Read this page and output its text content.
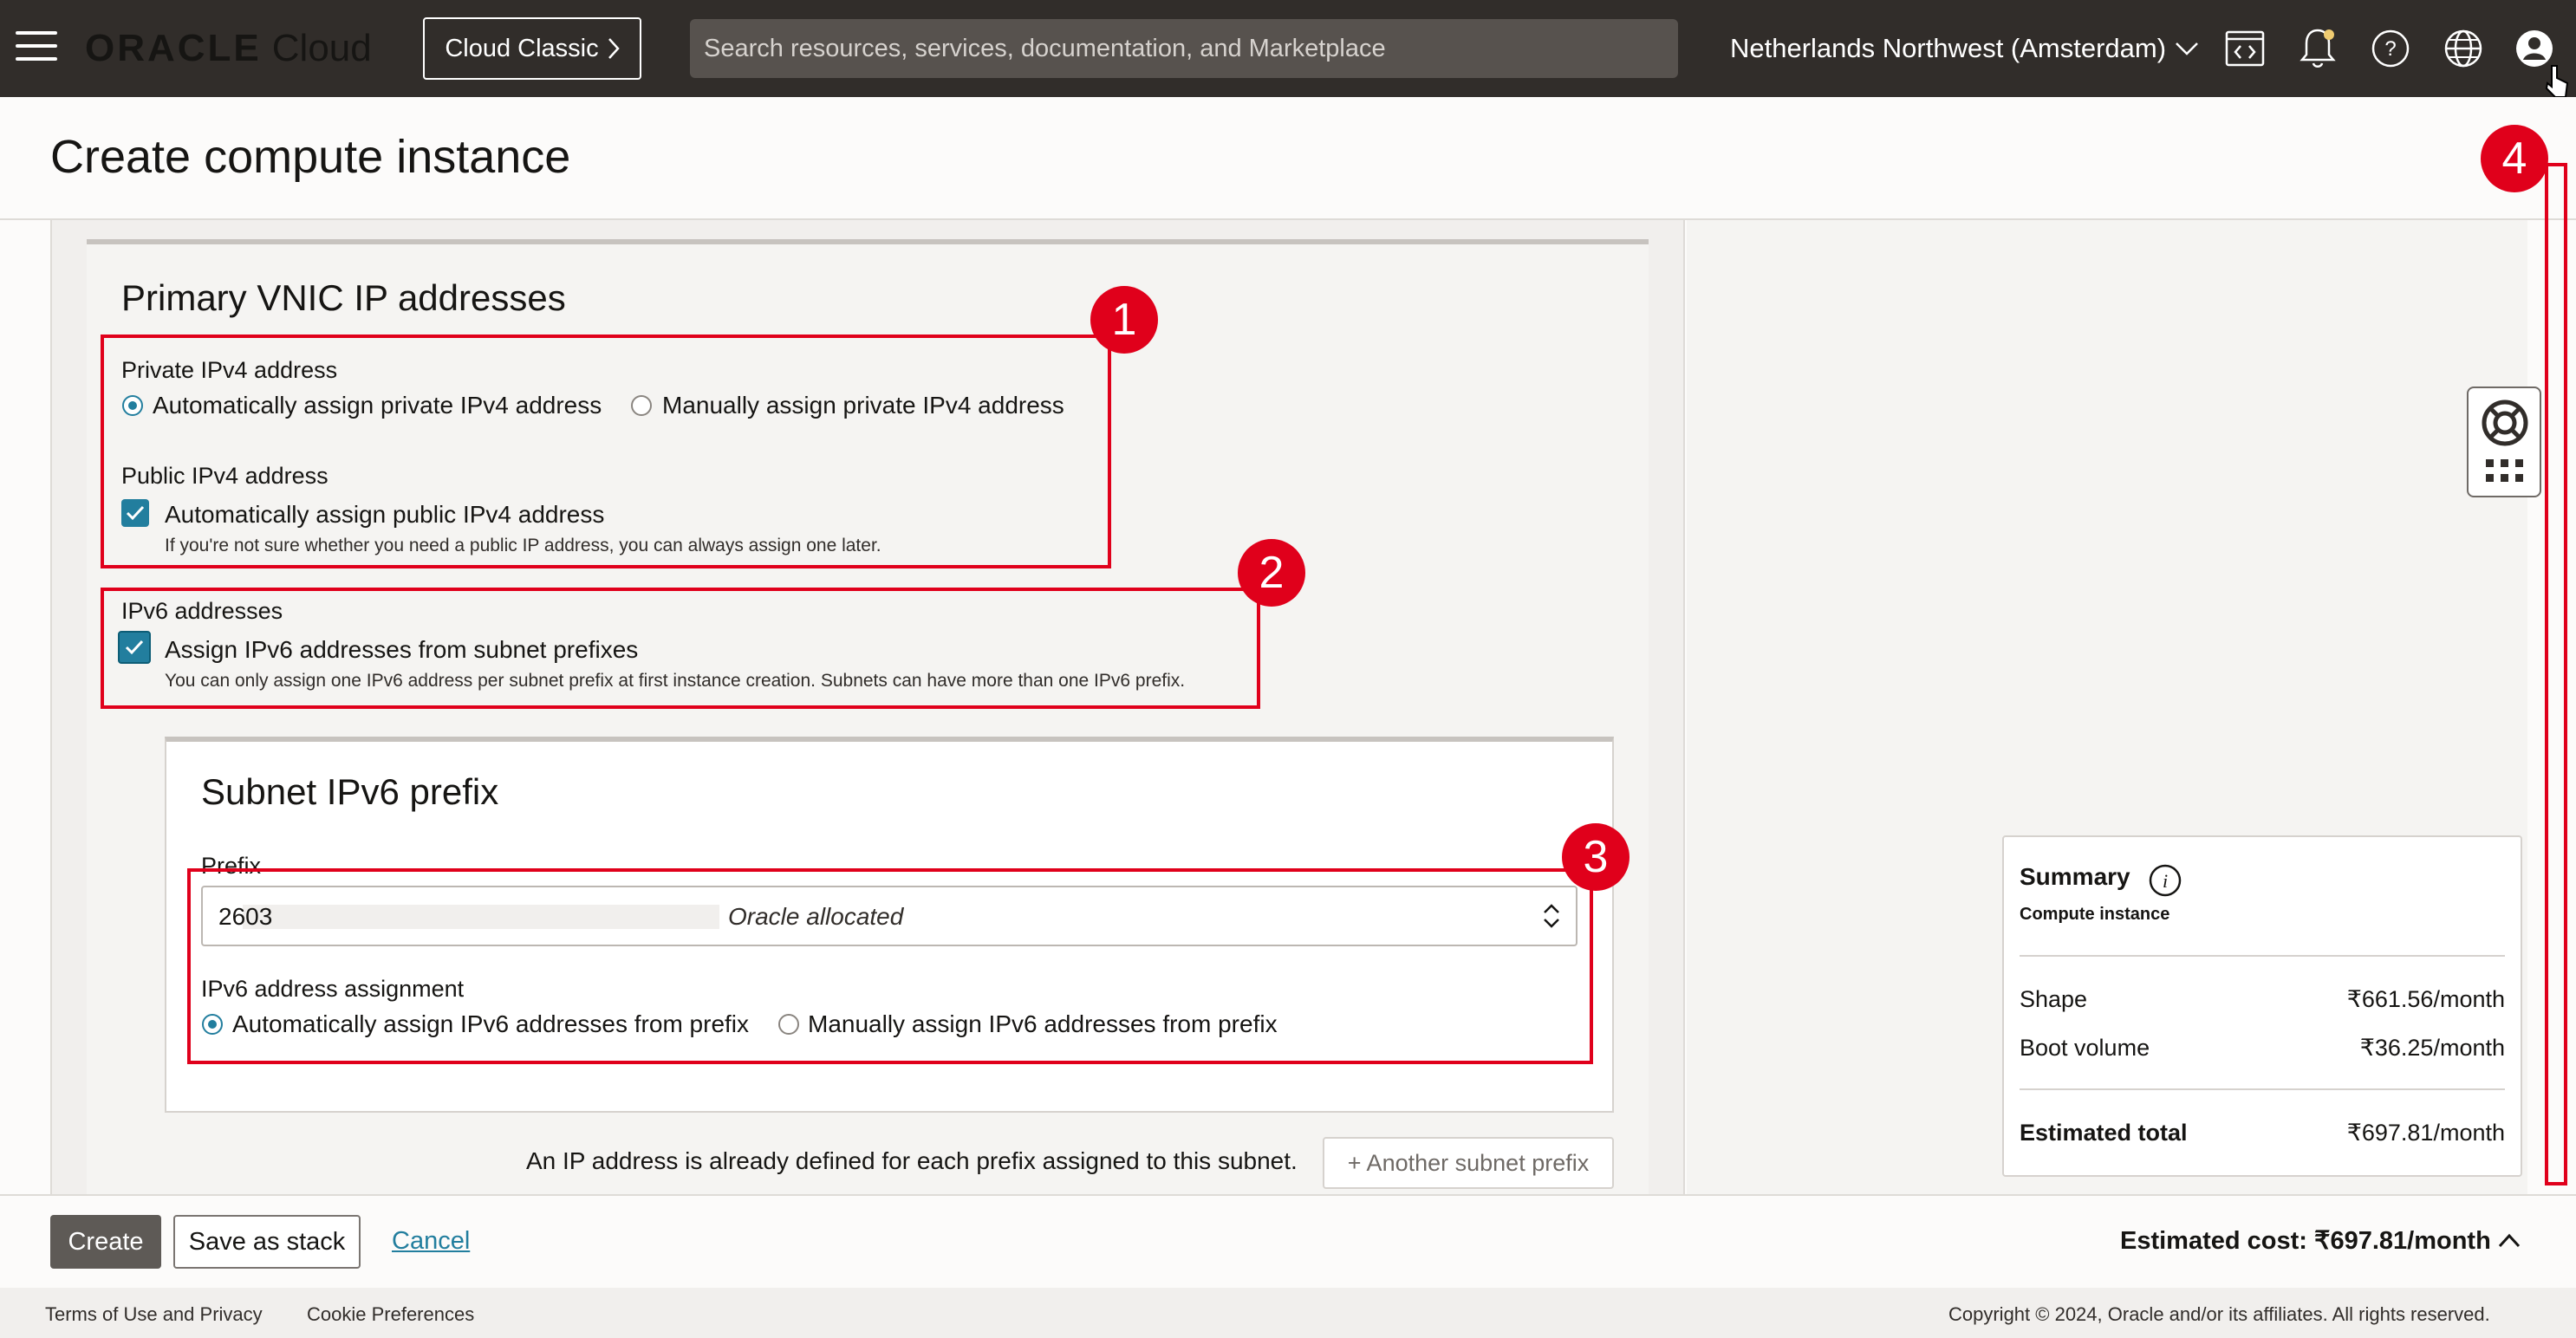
ORACLE Cloud	Cloud Classic	Search resources, services, documentation, and Marketplace	Netherlands Northwest (Amsterdam)	?
Create compute instance
Primary VNIC IP addresses
Private IPv4 address
Automatically assign private IPv4 address Manually assign private IPv4 address
Public IPv4 address
Automatically assign public IPv4 address
If you're not sure whether you need a public IP address, you can always assign one later.
IPv6 addresses
Assign IPv6 addresses from subnet prefixes
You can only assign one IPv6 address per subnet prefix at first instance creation. Subnets can have more than one IPv6 prefix.
Subnet IPv6 prefix
Prefix
2603	Oracle allocated
IPv6 address assignment
Automatically assign IPv6 addresses from prefix Manually assign IPv6 addresses from prefix
An IP address is already defined for each prefix assigned to this subnet.	+ Another subnet prefix
Summary i
Compute instance
Shape	₹661.56/month
Boot volume	₹36.25/month
Estimated total	₹697.81/month
Create	Save as stack	Cancel	Estimated cost: ₹697.81/month
Terms of Use and Privacy Cookie Preferences	Copyright © 2024, Oracle and/or its affiliates. All rights reserved.
1
2
3
4
